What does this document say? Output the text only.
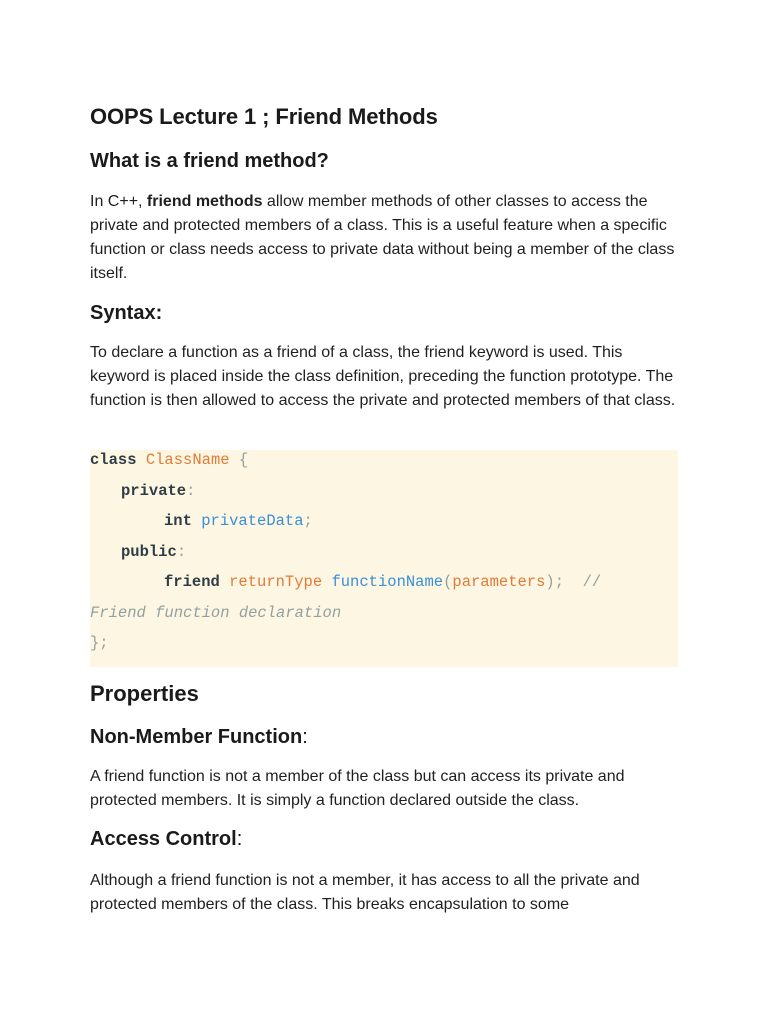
OOPS Lecture 1 ; Friend Methods
What is a friend method?

In C++, friend methods allow member methods of other classes to access the private and protected members of a class. This is a useful feature when a specific function or class needs access to private data without being a member of the class itself.

Syntax:

To declare a function as a friend of a class, the friend keyword is used. This keyword is placed inside the class definition, preceding the function prototype. The function is then allowed to access the private and protected members of that class.

class ClassName {
private:
int privateData;
public:
friend returnType functionName(parameters); //
Friend function declaration
};
Properties
Non-Member Function:

A friend function is not a member of the class but can access its private and protected members. It is simply a function declared outside the class.

Access Control:

Although a friend function is not a member, it has access to all the private and protected members of the class. This breaks encapsulation to some
